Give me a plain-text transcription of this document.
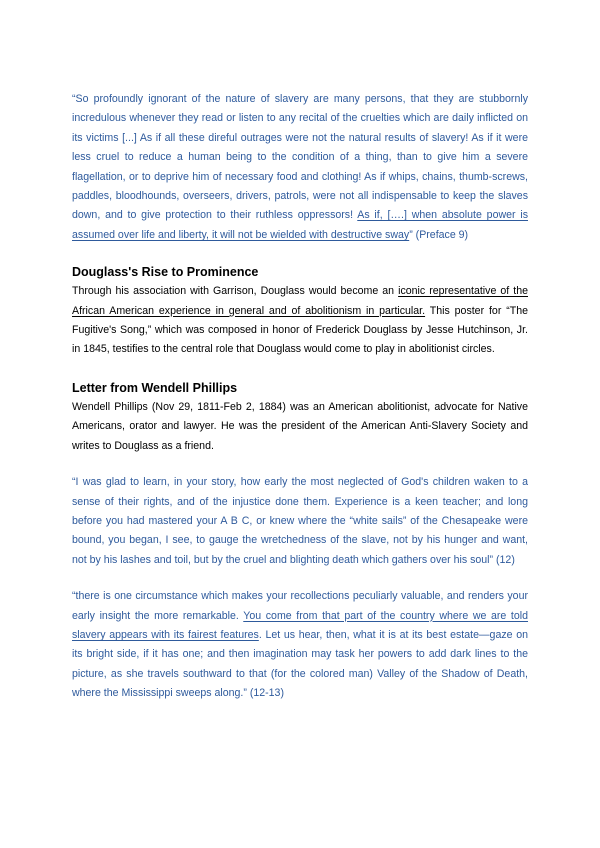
“So profoundly ignorant of the nature of slavery are many persons, that they are stubbornly incredulous whenever they read or listen to any recital of the cruelties which are daily inflicted on its victims [...] As if all these direful outrages were not the natural results of slavery! As if it were less cruel to reduce a human being to the condition of a thing, than to give him a severe flagellation, or to deprive him of necessary food and clothing! As if whips, chains, thumb-screws, paddles, bloodhounds, overseers, drivers, patrols, were not all indispensable to keep the slaves down, and to give protection to their ruthless oppressors! As if, [….] when absolute power is assumed over life and liberty, it will not be wielded with destructive sway” (Preface 9)

Douglass's Rise to Prominence

Through his association with Garrison, Douglass would become an iconic representative of the African American experience in general and of abolitionism in particular. This poster for “The Fugitive's Song,” which was composed in honor of Frederick Douglass by Jesse Hutchinson, Jr. in 1845, testifies to the central role that Douglass would come to play in abolitionist circles.

Letter from Wendell Phillips

Wendell Phillips (Nov 29, 1811-Feb 2, 1884) was an American abolitionist, advocate for Native Americans, orator and lawyer. He was the president of the American Anti-Slavery Society and writes to Douglass as a friend.

“I was glad to learn, in your story, how early the most neglected of God's children waken to a sense of their rights, and of the injustice done them. Experience is a keen teacher; and long before you had mastered your A B C, or knew where the “white sails” of the Chesapeake were bound, you began, I see, to gauge the wretchedness of the slave, not by his hunger and want, not by his lashes and toil, but by the cruel and blighting death which gathers over his soul” (12)

“there is one circumstance which makes your recollections peculiarly valuable, and renders your early insight the more remarkable. You come from that part of the country where we are told slavery appears with its fairest features. Let us hear, then, what it is at its best estate—gaze on its bright side, if it has one; and then imagination may task her powers to add dark lines to the picture, as she travels southward to that (for the colored man) Valley of the Shadow of Death, where the Mississippi sweeps along.” (12-13)
